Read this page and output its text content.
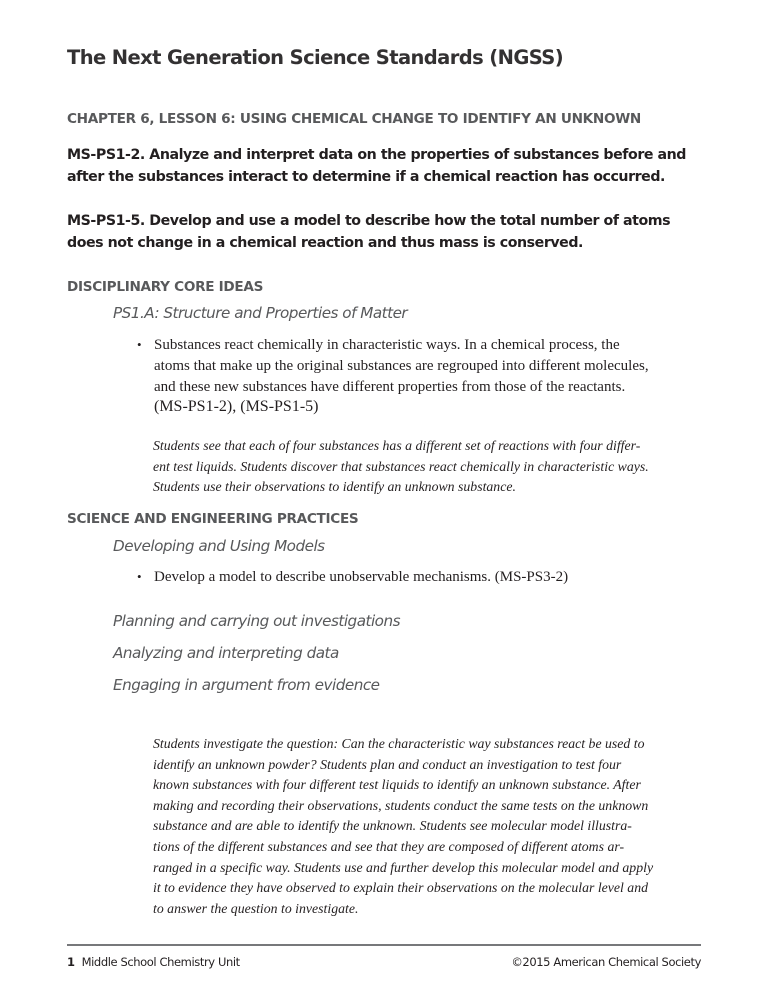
The Next Generation Science Standards (NGSS)
CHAPTER 6, LESSON 6: USING CHEMICAL CHANGE TO IDENTIFY AN UNKNOWN
MS-PS1-2. Analyze and interpret data on the properties of substances before and
after the substances interact to determine if a chemical reaction has occurred.
MS-PS1-5. Develop and use a model to describe how the total number of atoms
does not change in a chemical reaction and thus mass is conserved.
DISCIPLINARY CORE IDEAS
PS1.A: Structure and Properties of Matter
• Substances react chemically in characteristic ways. In a chemical process, the
atoms that make up the original substances are regrouped into different molecules,
and these new substances have different properties from those of the reactants.
(MS-PS1-2), (MS-PS1-5)
Students see that each of four substances has a different set of reactions with four differ-
ent test liquids. Students discover that substances react chemically in characteristic ways.
Students use their observations to identify an unknown substance.
SCIENCE AND ENGINEERING PRACTICES
Developing and Using Models
• Develop a model to describe unobservable mechanisms. (MS-PS3-2)
Planning and carrying out investigations
Analyzing and interpreting data
Engaging in argument from evidence
Students investigate the question: Can the characteristic way substances react be used to
identify an unknown powder? Students plan and conduct an investigation to test four
known substances with four different test liquids to identify an unknown substance. After
making and recording their observations, students conduct the same tests on the unknown
substance and are able to identify the unknown. Students see molecular model illustra-
tions of the different substances and see that they are composed of different atoms ar-
ranged in a specific way. Students use and further develop this molecular model and apply
it to evidence they have observed to explain their observations on the molecular level and
to answer the question to investigate.
1 Middle School Chemistry Unit	©2015 American Chemical Society
